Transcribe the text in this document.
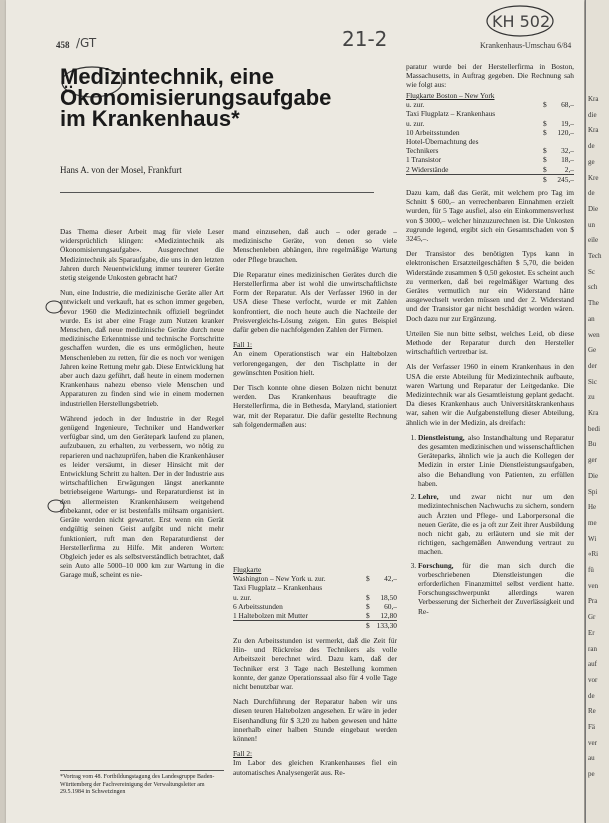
458 /GT	21-2
KH 502
Krankenhaus-Umschau 6/84
Medizintechnik, eine Ökonomisierungsaufgabe im Krankenhaus*

Hans A. von der Mosel, Frankfurt

Das Thema dieser Arbeit mag für viele Leser widersprüchlich klingen: «Medizintechnik als Ökonomisierungsaufgabe». Ausgerechnet die Medizintechnik als Sparaufgabe, die uns in den letzten Jahren durch Neuentwicklung immer teurerer Geräte stetig steigende Unkosten gebracht hat?

Nun, eine Industrie, die medizinische Geräte aller Art entwickelt und verkauft, hat es schon immer gegeben, bevor 1960 die Medizintechnik offiziell begründet wurde. Es ist aber eine Frage zum Nutzen kranker Menschen, daß neue medizinische Geräte durch neue medizinische Erkenntnisse und technische Fortschritte geschaffen wurden, die es uns ermöglichen, heute Menschenleben zu retten, für die es noch vor wenigen Jahren keine Rettung mehr gab. Diese Entwicklung hat aber auch dazu geführt, daß heute in einem modernen Krankenhaus nahezu ebenso viele Menschen und Apparaturen zu finden sind wie in einem modernen industriellen Herstellungsbetrieb.

Während jedoch in der Industrie in der Regel genügend Ingenieure, Techniker und Handwerker verfügbar sind, um den Gerätepark laufend zu planen, aufzubauen, zu erhalten, zu verbessern, wo nötig zu reparieren und nachzuprüfen, haben die Krankenhäuser es leider versäumt, in dieser Hinsicht mit der Entwicklung Schritt zu halten. Der in der Industrie aus wirtschaftlichen Erwägungen längst anerkannte betriebseigene Wartungs- und Reparaturdienst ist in den allermeisten Krankenhäusern weitgehend unbekannt, oder er ist bestenfalls mühsam organisiert. Geräte werden nicht gewartet. Erst wenn ein Gerät endgültig seinen Geist aufgibt und nicht mehr funktioniert, ruft man den Reparaturdienst der Herstellerfirma zu Hilfe. Mit anderen Worten: Obgleich jeder es als selbstverständlich betrachtet, daß sein Auto alle 5000–10 000 km zur Wartung in die Garage muß, scheint es nie-

*Vortrag vom 48. Fortbildungstagung des Landesgruppe Baden-Württemberg der Fachvereinigung der Verwaltungsleiter am 29.5.1984 in Schwetzingen

mand einzusehen, daß auch – oder gerade – medizinische Geräte, von denen so viele Menschenleben abhängen, ihre regelmäßige Wartung oder Pflege brauchen.

Die Reparatur eines medizinischen Gerätes durch die Herstellerfirma aber ist wohl die unwirtschaftlichste Form der Reparatur. Als der Verfasser 1960 in der USA diese These verfocht, wurde er mit Zahlen konfrontiert, die noch heute auch die Nachteile der Preisvergleichs-Lösung zeigen. Ein gutes Beispiel dafür geben die nachfolgenden Zahlen der Firmen.

Fall 1:

An einem Operationstisch war ein Haltebolzen verlorengegangen, der den Tischplatte in der gewünschten Position hielt.

Der Tisch konnte ohne diesen Bolzen nicht benutzt werden. Das Krankenhaus beauftragte die Herstellerfirma, die in Bethesda, Maryland, stationiert war, mit der Reparatur. Die dafür gestellte Rechnung sah folgendermaßen aus:

Flugkarte
Washington – New York u. zur.	$	42,–
Taxi Flugplatz – Krankenhaus
u. zur.	$	18,50
6 Arbeitsstunden	$	60,–
1 Haltebolzen mit Mutter	$	12,80
$ 133,30

Zu den Arbeitsstunden ist vermerkt, daß die Zeit für Hin- und Rückreise des Technikers als volle Arbeitszeit berechnet wird. Dazu kam, daß der Techniker erst 3 Tage nach Bestellung kommen konnte, der ganze Operationssaal also für 4 volle Tage nicht benutzbar war.

Nach Durchführung der Reparatur haben wir uns diesen teuren Haltebolzen angesehen. Er wäre in jeder Eisenhandlung für $ 3,20 zu haben gewesen und hätte innerhalb einer halben Stunde eingebaut werden können!

Fall 2:

Im Labor des gleichen Krankenhauses fiel ein automatisches Analysengerät aus. Re-

paratur wurde bei der Herstellerfirma in Boston, Massachusetts, in Auftrag gegeben. Die Rechnung sah wie folgt aus:

Flugkarte Boston – New York
u. zur.	$	68,–
Taxi Flugplatz – Krankenhaus
u. zur.	$	19,–
10 Arbeitsstunden	$	120,–
Hotel-Übernachtung des
Technikers	$	32,–
1 Transistor	$	18,–
2 Widerstände	$	2,–
$	245,–

Dazu kam, daß das Gerät, mit welchem pro Tag im Schnitt $ 600,– an verrechenbaren Einnahmen erzielt wurden, für 5 Tage ausfiel, also ein Einkommensverlust von $ 3000,– welcher hinzuzurechnen ist. Die Unkosten zugrunde legend, ergibt sich ein Gesamtschaden von $ 3245,–.

Der Transistor des benötigten Typs kann in elektronischen Ersatzteilgeschäften $ 5,70, die beiden Widerstände zusammen $ 0,50 gekostet. Es scheint auch zu vermerken, daß bei regelmäßiger Wartung des Gerätes vermutlich nur ein Widerstand hätte ausgewechselt werden müssen und der 2. Widerstand und der Transistor gar nicht beschädigt worden wären. Doch dazu nur zur Ergänzung.

Urteilen Sie nun bitte selbst, welches Leid, ob diese Methode der Reparatur durch den Hersteller wirtschaftlich vertretbar ist.

Als der Verfasser 1960 in einem Krankenhaus in den USA die erste Abteilung für Medizintechnik aufbaute, waren Wartung und Reparatur der Leitgedanke. Die Medizintechnik war als Gesamtleistung geplant gedacht. Da dieses Krankenhaus auch Universitätskrankenhaus war, sahen wir die Aufgabenstellung dieser Abteilung, ähnlich wie in der Medizin, als dreifach:

1. Dienstleistung, also Instandhaltung und Reparatur des gesamten medizinischen und wissenschaftlichen Geräteparks, ähnlich wie ja auch die Kollegen der Medizin in erster Linie Dienstleistungsaufgaben, also die Behandlung von Patienten, zu erfüllen haben.
2. Lehre, und zwar nicht nur um den medizintechnischen Nachwuchs zu sichern, sondern auch Ärzten und Pflege- und Laborpersonal die neuen Geräte, die es ja oft zur Zeit ihrer Ausbildung noch nicht gab, zu erläutern und sie mit der richtigen, sachgemäßen Anwendung vertraut zu machen.
3. Forschung, für die man sich durch die vorbeschriebenen Dienstleistungen die erforderlichen Finanzmittel selbst verdient hatte. Forschungsschwerpunkt allerdings waren Verbesserung der Sicherheit der Zuverlässigkeit und Re-
Kra
die
Kra
de
ge
Kre
de
Die
un
eile
Tech
Sc
sch
The
an
wen
Ge
der
Sic
zu
Kra
bedi
Bu
ger
Die
Spi
He
me
Wi
«Ri
fü
ven
Pra
Gr
Er
ran
auf
vor
de
Re
Fä
ver
au
pe
